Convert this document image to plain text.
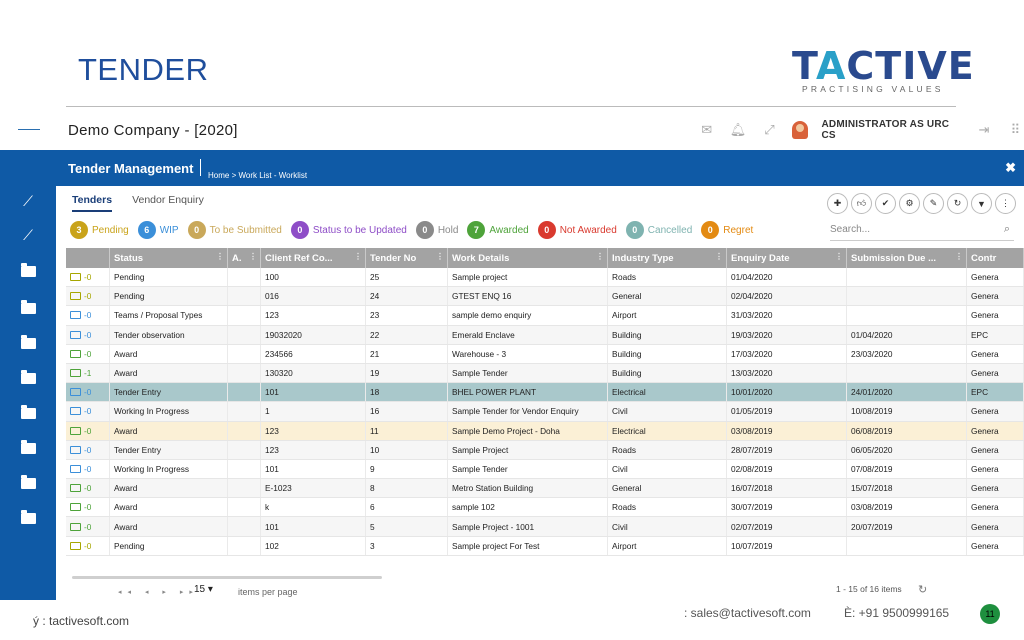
TENDER	TACTIVE
PRACTISING VALUES
Demo Company - [2020]	✉ 🔔︎ ⤢	ADMINISTRATOR AS URC CS	⇥	⠿
⟋
⟋
Tender Management Home > Work List - Worklist
✖
Tenders Vendor Enquiry	✚	👍︎	✔	⚙	✎	↻	▼	⋮
3	Pending	6	WIP	0	To be Submitted	0	Status to be Updated	0	Hold	7	Awarded	0	Not Awarded	0	Cancelled	0	Regret	Search...	⌕
Status	⋮ A. ⋮ Client Ref Co...	⋮ Tender No ⋮ Work Details	⋮ Industry Type	⋮ Enquiry Date	⋮ Submission Due ... ⋮ Contr
- 0	Pending	100	25	Sample project	Roads	01/04/2020	Genera
- 0	Pending	016	24	GTEST ENQ 16	General	02/04/2020	Genera
- 0	Teams / Proposal Types	123	23	sample demo enquiry	Airport	31/03/2020	Genera
- 0	Tender observation	19032020	22	Emerald Enclave	Building	19/03/2020	01/04/2020	EPC
- 0	Award	234566	21	Warehouse - 3	Building	17/03/2020	23/03/2020	Genera
- 1	Award	130320	19	Sample Tender	Building	13/03/2020	Genera
- 0	Tender Entry	101	18	BHEL POWER PLANT	Electrical	10/01/2020	24/01/2020	EPC
- 0	Working In Progress	1	16	Sample Tender for Vendor Enquiry	Civil	01/05/2019	10/08/2019	Genera
- 0	Award	123	11	Sample Demo Project - Doha	Electrical	03/08/2019	06/08/2019	Genera
- 0	Tender Entry	123	10	Sample Project	Roads	28/07/2019	06/05/2020	Genera
- 0	Working In Progress	101	9	Sample Tender	Civil	02/08/2019	07/08/2019	Genera
- 0	Award	E-1023	8	Metro Station Building	General	16/07/2018	15/07/2018	Genera
- 0	Award	k	6	sample 102	Roads	30/07/2019	03/08/2019	Genera
- 0	Award	101	5	Sample Project - 1001	Civil	02/07/2019	20/07/2019	Genera
- 0	Pending	102	3	Sample project For Test	Airport	10/07/2019	Genera
◂◂ ◂ ▸ ▸▸
15 ▾	items per page	1 - 15 of 16 items ↻
ý : tactivesoft.com
: sales@tactivesoft.com	È: +91 9500999165	11
